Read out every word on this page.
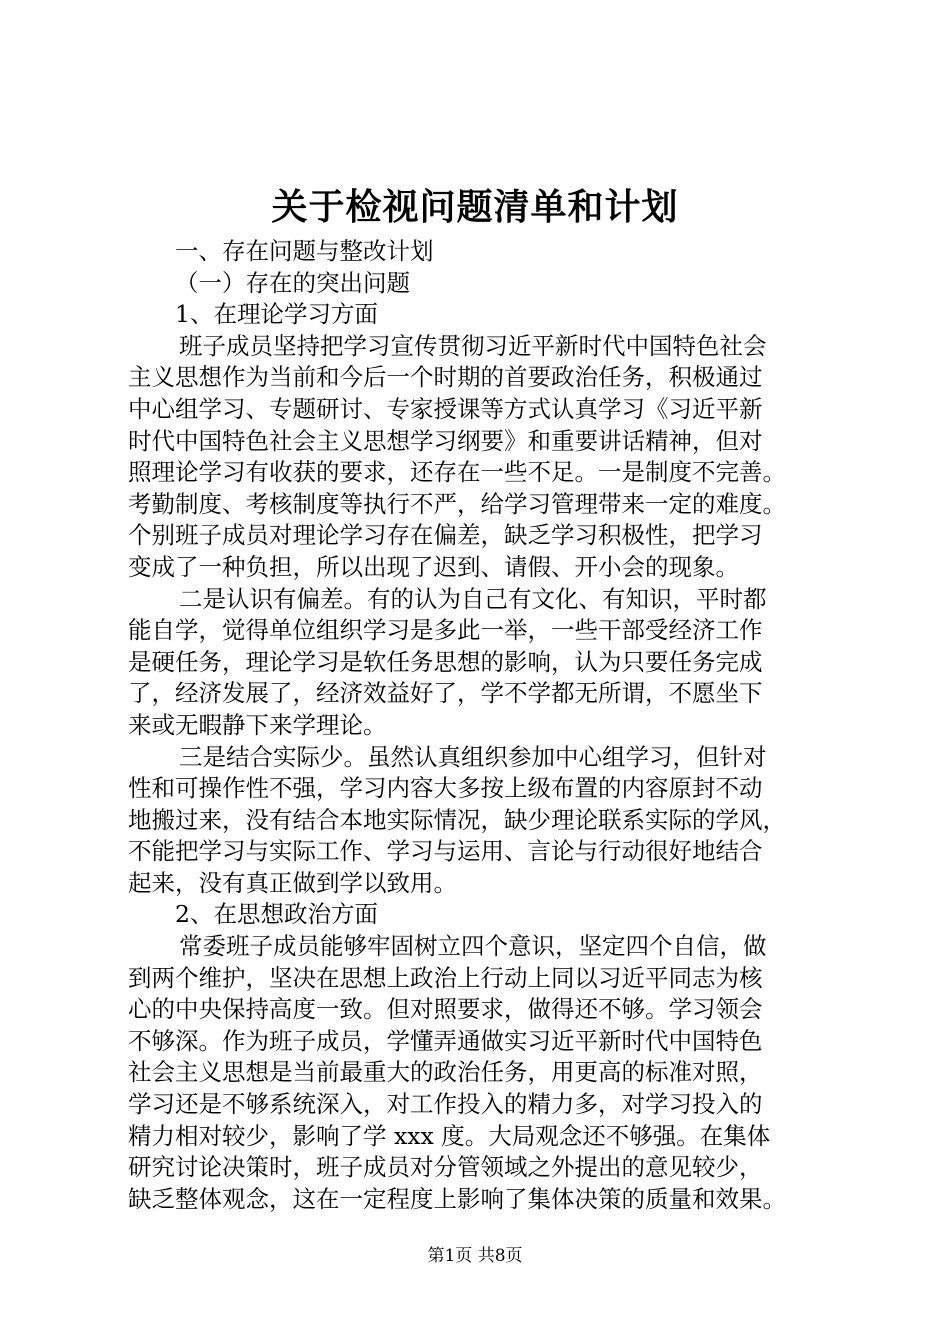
关于检视问题清单和计划
一、存在问题与整改计划
（一）存在的突出问题
1、在理论学习方面
班子成员坚持把学习宣传贯彻习近平新时代中国特色社会
主义思想作为当前和今后一个时期的首要政治任务，积极通过
中心组学习、专题研讨、专家授课等方式认真学习《习近平新
时代中国特色社会主义思想学习纲要》和重要讲话精神，但对
照理论学习有收获的要求，还存在一些不足。一是制度不完善。
考勤制度、考核制度等执行不严，给学习管理带来一定的难度。
个别班子成员对理论学习存在偏差，缺乏学习积极性，把学习
变成了一种负担，所以出现了迟到、请假、开小会的现象。
二是认识有偏差。有的认为自己有文化、有知识，平时都
能自学，觉得单位组织学习是多此一举，一些干部受经济工作
是硬任务，理论学习是软任务思想的影响，认为只要任务完成
了，经济发展了，经济效益好了，学不学都无所谓，不愿坐下
来或无暇静下来学理论。
三是结合实际少。虽然认真组织参加中心组学习，但针对
性和可操作性不强，学习内容大多按上级布置的内容原封不动
地搬过来，没有结合本地实际情况，缺少理论联系实际的学风，
不能把学习与实际工作、学习与运用、言论与行动很好地结合
起来，没有真正做到学以致用。
2、在思想政治方面
常委班子成员能够牢固树立四个意识，坚定四个自信，做
到两个维护，坚决在思想上政治上行动上同以习近平同志为核
心的中央保持高度一致。但对照要求，做得还不够。学习领会
不够深。作为班子成员，学懂弄通做实习近平新时代中国特色
社会主义思想是当前最重大的政治任务，用更高的标准对照，
学习还是不够系统深入，对工作投入的精力多，对学习投入的
精力相对较少，影响了学 xxx 度。大局观念还不够强。在集体
研究讨论决策时，班子成员对分管领域之外提出的意见较少，
缺乏整体观念，这在一定程度上影响了集体决策的质量和效果。
第1页 共8页
